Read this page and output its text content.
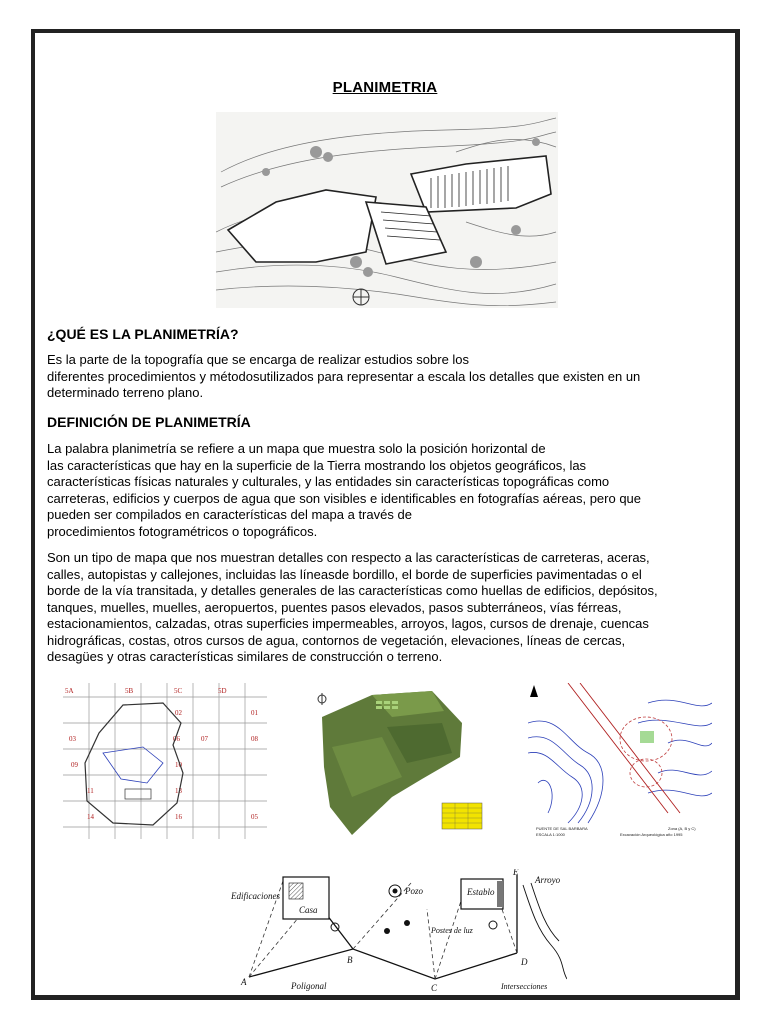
PLANIMETRIA
¿QUÉ ES LA PLANIMETRÍA?
Es la parte de la topografía que se encarga de realizar estudios sobre los
diferentes procedimientos y métodosutilizados para representar a escala los detalles que existen en un
determinado terreno plano.
DEFINICIÓN DE PLANIMETRÍA
La palabra planimetría se refiere a un mapa que muestra solo la posición horizontal de
las características que hay en la superficie de la Tierra mostrando los objetos geográficos, las
características físicas naturales y culturales, y las entidades sin características topográficas como
carreteras, edificios y cuerpos de agua que son visibles e identificables en fotografías aéreas, pero que
pueden ser compilados en características del mapa a través de
procedimientos fotogramétricos o topográficos.
Son un tipo de mapa que nos muestran detalles con respecto a las características de carreteras, aceras,
calles, autopistas y callejones, incluidas las líneasde bordillo, el borde de superficies pavimentadas o el
borde de la vía transitada, y detalles generales de las características como huellas de edificios, depósitos,
tanques, muelles, muelles, aeropuertos, puentes pasos elevados, pasos subterráneos, vías férreas,
estacionamientos, calzadas, otras superficies impermeables, arroyos, lagos, cursos de drenaje, cuencas
hidrográficas, costas, otros cursos de agua, contornos de vegetación, elevaciones, líneas de cercas,
desagües y otras características similares de construcción o terreno.
5A	5B	5C	5D
02
03	06	07
09	10
11	13
14	16
01
08
05
PUENTE DE SAL BARBARA
ESCALA 1:1000	Excavación Arqueológica año 1995
Zona (A, B y C)
Edificaciones
Casa
Pozo
Postes de luz
Establo
Arroyo
Poligonal	Intersecciones
A
B
C
D
E
